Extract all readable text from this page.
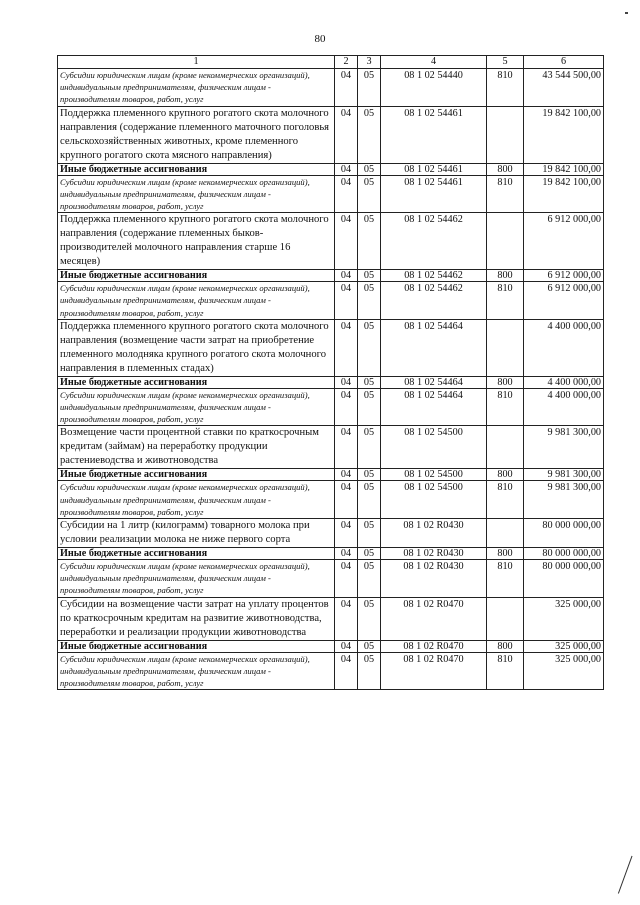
80
1	2	3	4	5	6
Субсидии юридическим лицам (кроме некоммерческих организаций), индивидуальным предпринимателям, физическим лицам - производителям товаров, работ, услуг	04	05	08 1 02 54440	810	43 544 500,00
Поддержка племенного крупного рогатого скота молочного направления (содержание племенного маточного поголовья сельскохозяйственных животных, кроме племенного крупного рогатого скота мясного направления)	04	05	08 1 02 54461		19 842 100,00
Иные бюджетные ассигнования	04	05	08 1 02 54461	800	19 842 100,00
Субсидии юридическим лицам (кроме некоммерческих организаций), индивидуальным предпринимателям, физическим лицам - производителям товаров, работ, услуг	04	05	08 1 02 54461	810	19 842 100,00
Поддержка племенного крупного рогатого скота молочного направления (содержание племенных быков-производителей молочного направления старше 16 месяцев)	04	05	08 1 02 54462		6 912 000,00
Иные бюджетные ассигнования	04	05	08 1 02 54462	800	6 912 000,00
Субсидии юридическим лицам (кроме некоммерческих организаций), индивидуальным предпринимателям, физическим лицам - производителям товаров, работ, услуг	04	05	08 1 02 54462	810	6 912 000,00
Поддержка племенного крупного рогатого скота молочного направления (возмещение части затрат на приобретение племенного молодняка крупного рогатого скота молочного направления в племенных стадах)	04	05	08 1 02 54464		4 400 000,00
Иные бюджетные ассигнования	04	05	08 1 02 54464	800	4 400 000,00
Субсидии юридическим лицам (кроме некоммерческих организаций), индивидуальным предпринимателям, физическим лицам - производителям товаров, работ, услуг	04	05	08 1 02 54464	810	4 400 000,00
Возмещение части процентной ставки по краткосрочным кредитам (займам) на переработку продукции растениеводства и животноводства	04	05	08 1 02 54500		9 981 300,00
Иные бюджетные ассигнования	04	05	08 1 02 54500	800	9 981 300,00
Субсидии юридическим лицам (кроме некоммерческих организаций), индивидуальным предпринимателям, физическим лицам - производителям товаров, работ, услуг	04	05	08 1 02 54500	810	9 981 300,00
Субсидии на 1 литр (килограмм) товарного молока при условии реализации молока не ниже первого сорта	04	05	08 1 02 R0430		80 000 000,00
Иные бюджетные ассигнования	04	05	08 1 02 R0430	800	80 000 000,00
Субсидии юридическим лицам (кроме некоммерческих организаций), индивидуальным предпринимателям, физическим лицам - производителям товаров, работ, услуг	04	05	08 1 02 R0430	810	80 000 000,00
Субсидии на возмещение части затрат на уплату процентов по краткосрочным кредитам на развитие животноводства, переработки и реализации продукции животноводства	04	05	08 1 02 R0470		325 000,00
Иные бюджетные ассигнования	04	05	08 1 02 R0470	800	325 000,00
Субсидии юридическим лицам (кроме некоммерческих организаций), индивидуальным предпринимателям, физическим лицам - производителям товаров, работ, услуг	04	05	08 1 02 R0470	810	325 000,00
